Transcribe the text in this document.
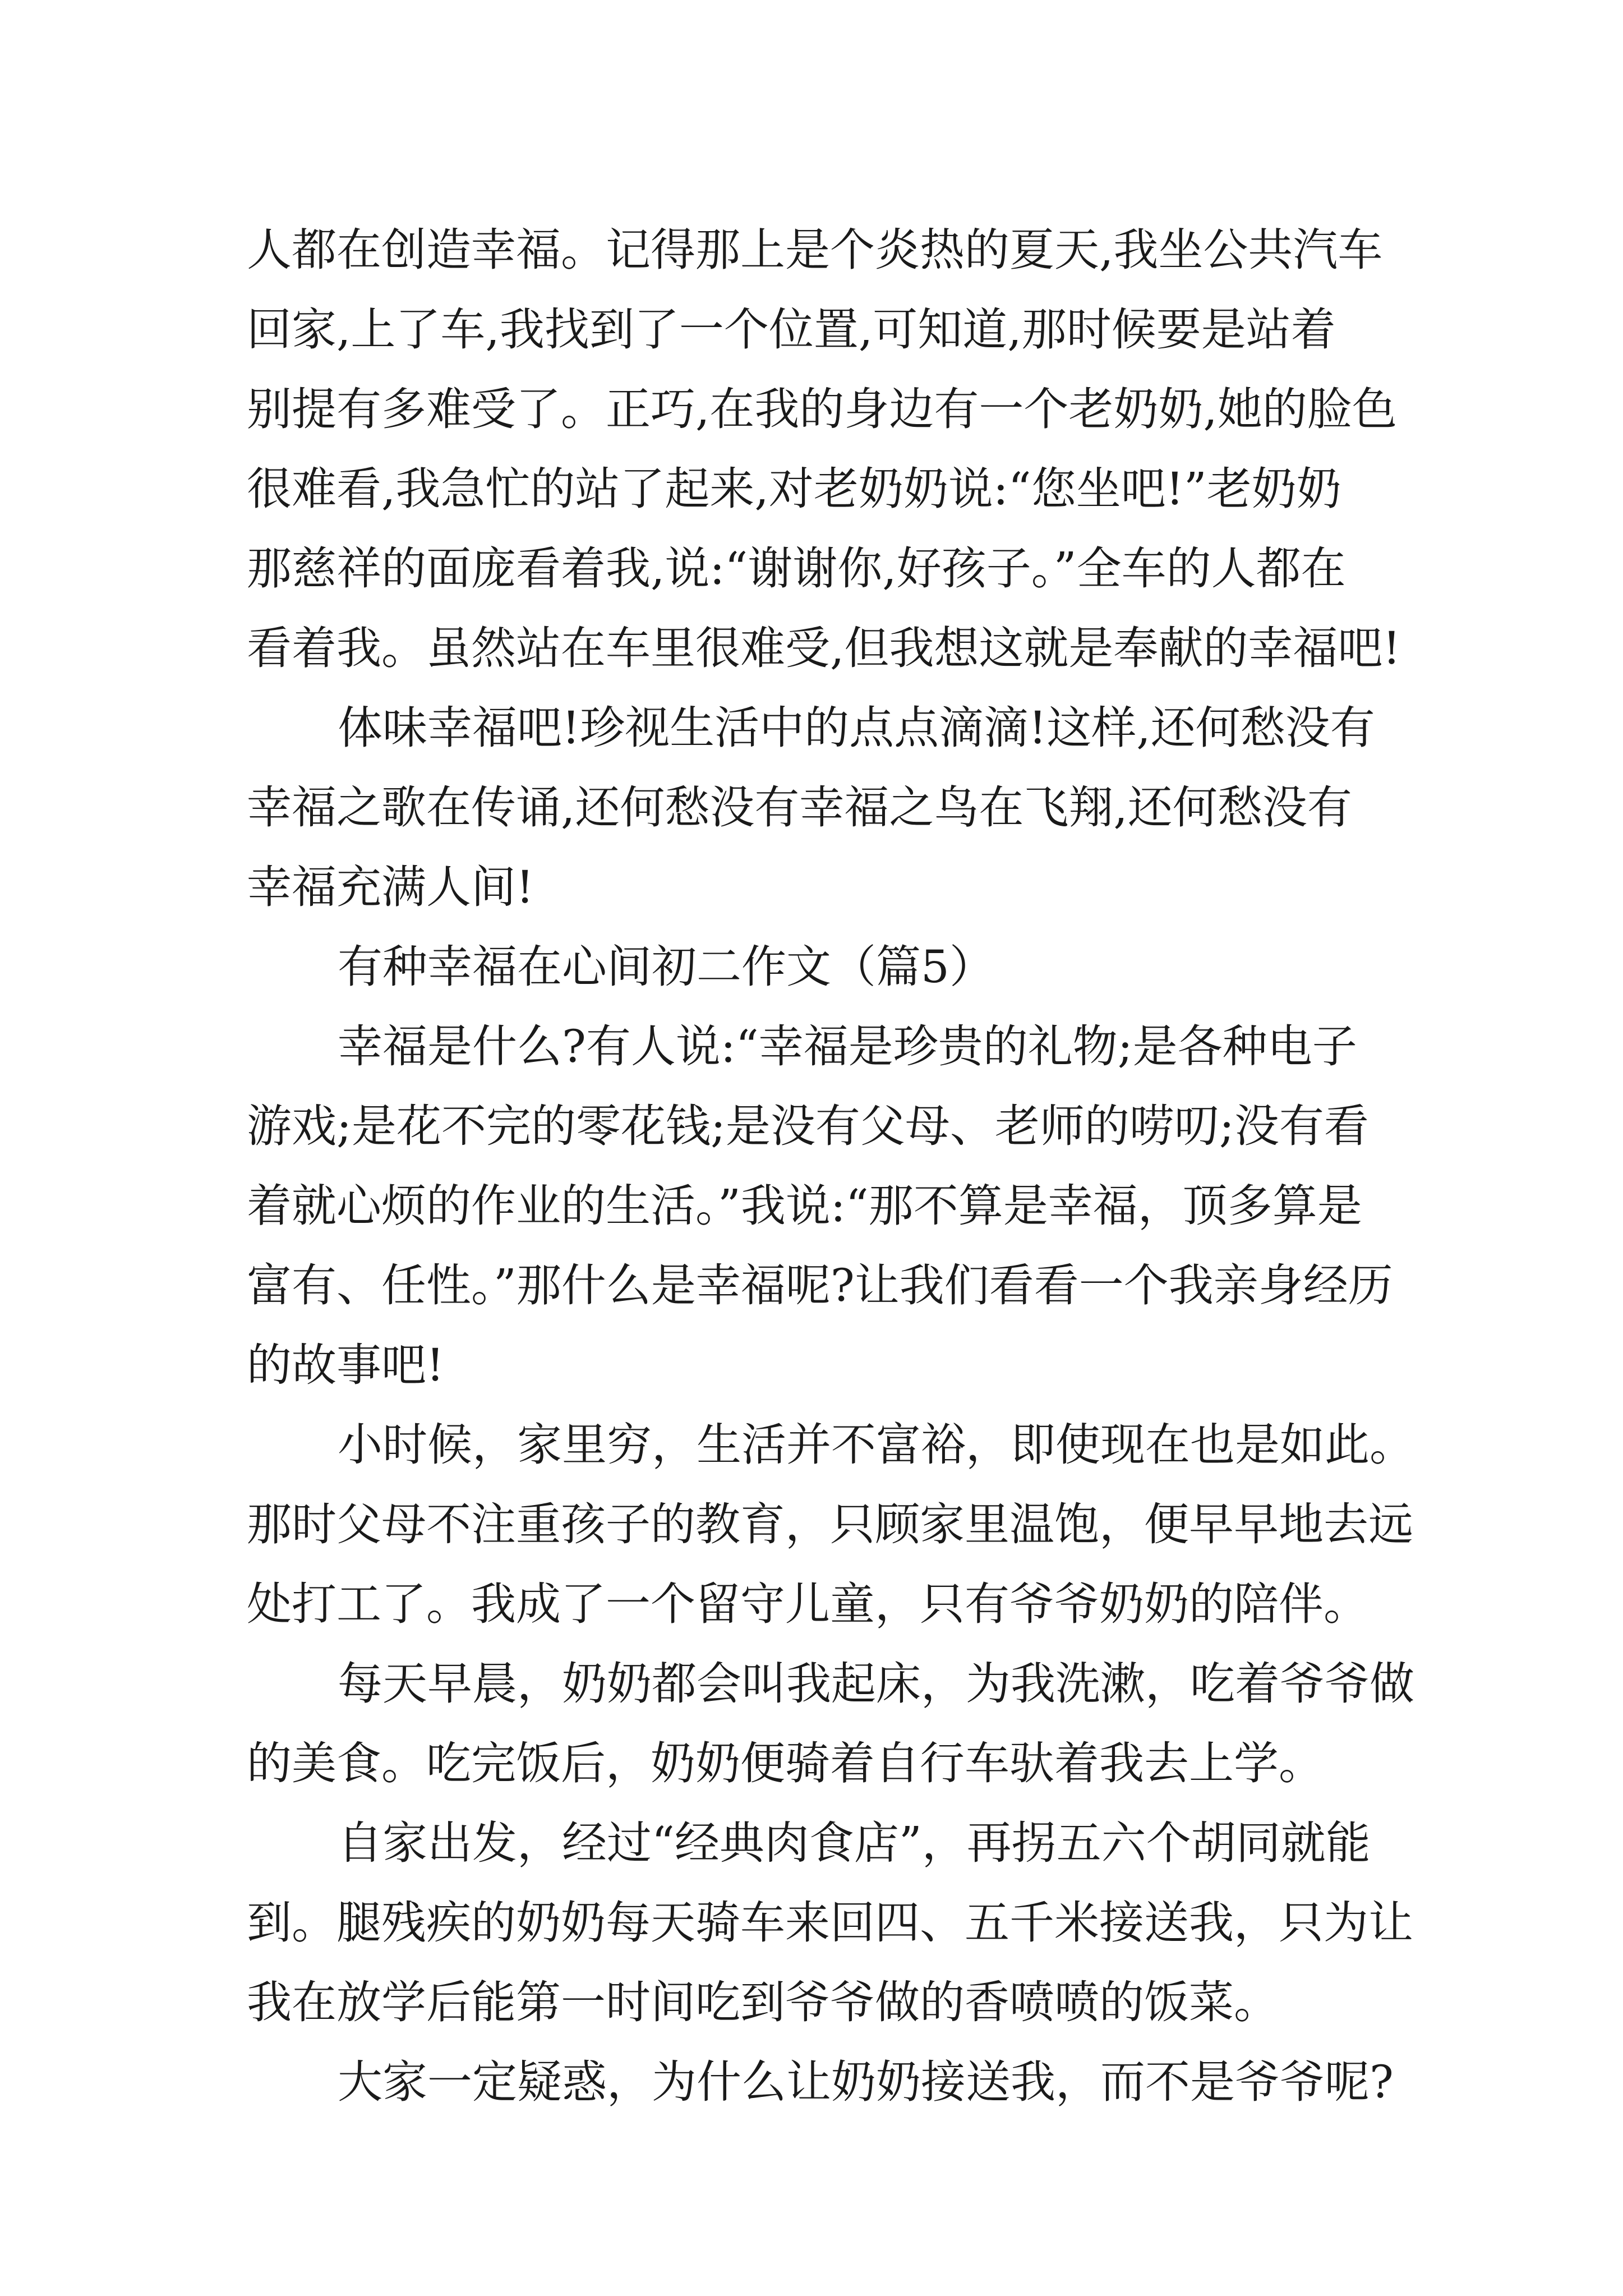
人都在创造幸福。记得那上是个炎热的夏天,我坐公共汽车
回家,上了车,我找到了一个位置,可知道,那时候要是站着
别提有多难受了。正巧,在我的身边有一个老奶奶,她的脸色
很难看,我急忙的站了起来,对老奶奶说:“您坐吧!”老奶奶
那慈祥的面庞看着我,说:“谢谢你,好孩子。”全车的人都在
看着我。虽然站在车里很难受,但我想这就是奉献的幸福吧!
体味幸福吧!珍视生活中的点点滴滴!这样,还何愁没有
幸福之歌在传诵,还何愁没有幸福之鸟在飞翔,还何愁没有
幸福充满人间!
有种幸福在心间初二作文（篇5）
幸福是什么?有人说:“幸福是珍贵的礼物;是各种电子
游戏;是花不完的零花钱;是没有父母、老师的唠叨;没有看
着就心烦的作业的生活。”我说:“那不算是幸福，顶多算是
富有、任性。”那什么是幸福呢?让我们看看一个我亲身经历
的故事吧!
小时候，家里穷，生活并不富裕，即使现在也是如此。
那时父母不注重孩子的教育，只顾家里温饱，便早早地去远
处打工了。我成了一个留守儿童，只有爷爷奶奶的陪伴。
每天早晨，奶奶都会叫我起床，为我洗漱，吃着爷爷做
的美食。吃完饭后，奶奶便骑着自行车驮着我去上学。
自家出发，经过“经典肉食店”，再拐五六个胡同就能
到。腿残疾的奶奶每天骑车来回四、五千米接送我，只为让
我在放学后能第一时间吃到爷爷做的香喷喷的饭菜。
大家一定疑惑，为什么让奶奶接送我，而不是爷爷呢?
